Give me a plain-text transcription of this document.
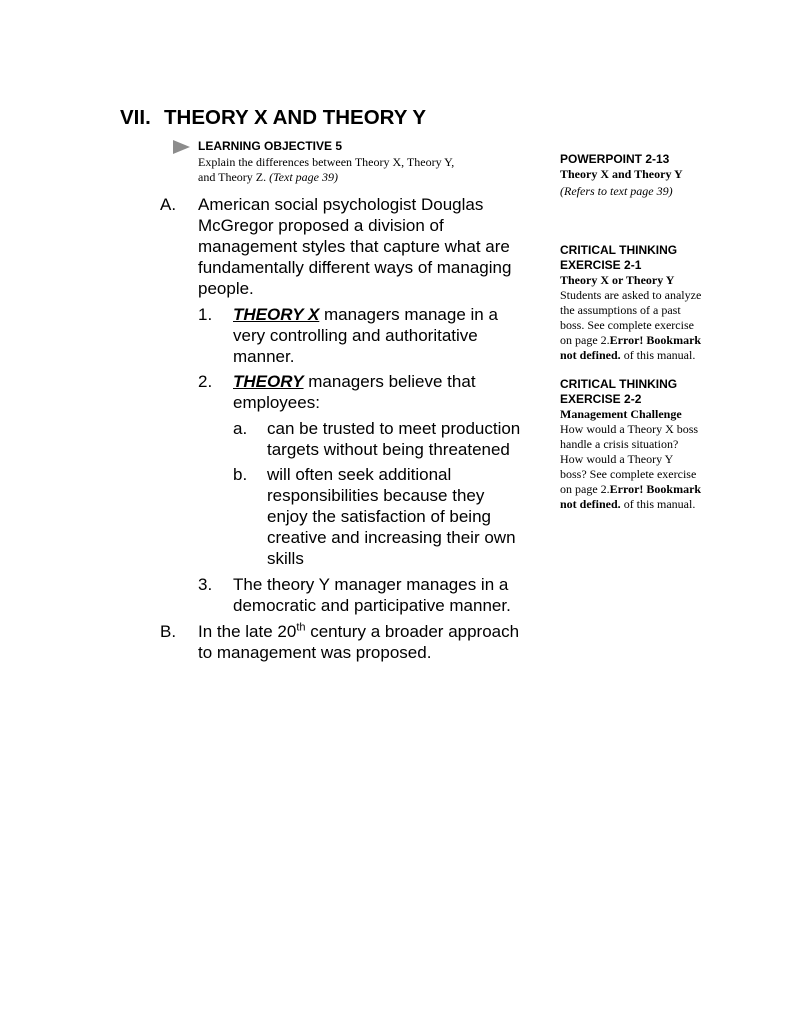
VII. THEORY X AND THEORY Y
LEARNING OBJECTIVE 5
Explain the differences between Theory X, Theory Y,
and Theory Z. (Text page 39)
A. American social psychologist Douglas
McGregor proposed a division of
management styles that capture what are
fundamentally different ways of managing
people.
1. THEORY X managers manage in a
very controlling and authoritative
manner.
2. THEORY managers believe that
employees:
a. can be trusted to meet production
targets without being threatened
b. will often seek additional
responsibilities because they
enjoy the satisfaction of being
creative and increasing their own
skills
3. The theory Y manager manages in a
democratic and participative manner.
B. In the late 20th century a broader approach
to management was proposed.
POWERPOINT 2-13
Theory X and Theory Y
(Refers to text page 39)
CRITICAL THINKING
EXERCISE 2-1
Theory X or Theory Y
Students are asked to analyze
the assumptions of a past
boss. See complete exercise
on page 2.Error! Bookmark
not defined. of this manual.
CRITICAL THINKING
EXERCISE 2-2
Management Challenge
How would a Theory X boss
handle a crisis situation?
How would a Theory Y
boss? See complete exercise
on page 2.Error! Bookmark
not defined. of this manual.
